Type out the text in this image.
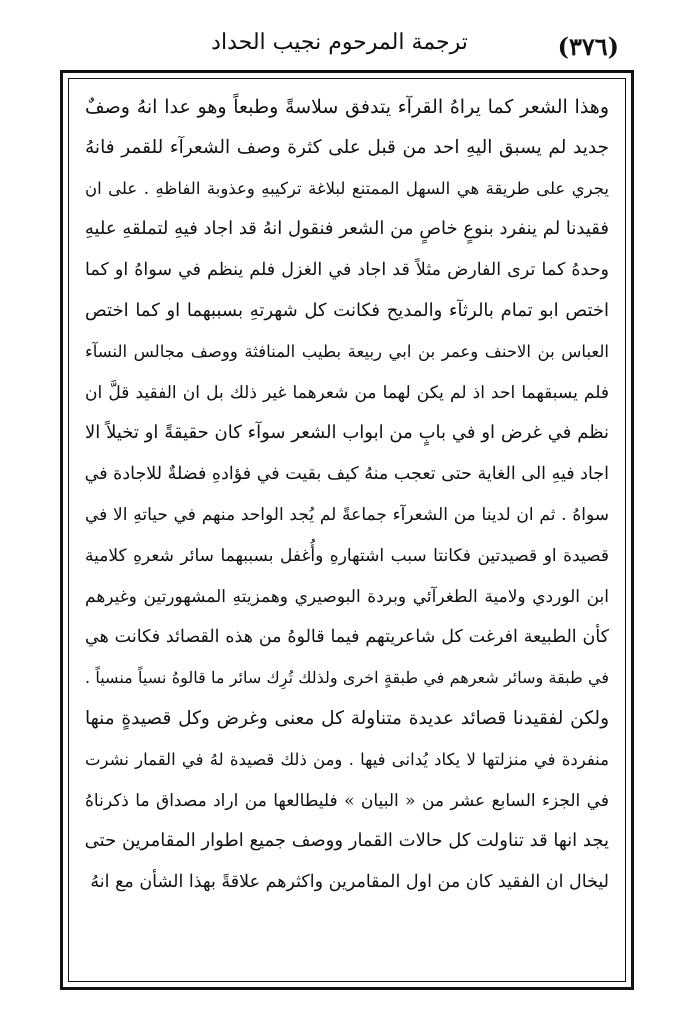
(٣٧٦)
ترجمة المرحوم نجيب الحداد
وهذا الشعر كما يراهُ القرآء يتدفق سلاسةً وطبعاً وهو عدا انهُ وصفٌ
جديد لم يسبق اليهِ احد من قبل على كثرة وصف الشعرآء للقمر فانهُ
يجري على طريقة هي السهل الممتنع لبلاغة تركيبهِ وعذوبة الفاظهِ . على ان
فقيدنا لم ينفرد بنوعٍ خاصٍ من الشعر فنقول انهُ قد اجاد فيهِ لتملقهِ عليهِ
وحدهُ كما ترى الفارض مثلاً قد اجاد في الغزل فلم ينظم في سواهُ او كما
اختص ابو تمام بالرثآء والمديح فكانت كل شهرتهِ بسببهما او كما اختص
العباس بن الاحنف وعمر بن ابي ربيعة بطيب المنافثة ووصف مجالس النسآء
فلم يسبقهما احد اذ لم يكن لهما من شعرهما غير ذلك بل ان الفقيد قلَّ ان
نظم في غرض او في بابٍ من ابواب الشعر سوآء كان حقيقةً او تخيلاً الا
اجاد فيهِ الى الغاية حتى تعجب منهُ كيف بقيت في فؤادهِ فضلةٌ للاجادة في
سواهُ . ثم ان لدينا من الشعرآء جماعةً لم يُجد الواحد منهم في حياتهِ الا في
قصيدة او قصيدتين فكانتا سبب اشتهارهِ وأُغفل بسببهما سائر شعرهِ كلامية
ابن الوردي ولامية الطغرآئي وبردة البوصيري وهمزيتهِ المشهورتين وغيرهم
كأن الطبيعة افرغت كل شاعريتهم فيما قالوهُ من هذه القصائد فكانت هي
في طبقة وسائر شعرهم في طبقةٍ اخرى ولذلك تُرِك سائر ما قالوهُ نسياً منسياً .
ولكن لفقيدنا قصائد عديدة متناولة كل معنى وغرض وكل قصيدةٍ منها
منفردة في منزلتها لا يكاد يُدانى فيها . ومن ذلك قصيدة لهُ في القمار نشرت
في الجزء السابع عشر من « البيان » فليطالعها من اراد مصداق ما ذكرناهُ
يجد انها قد تناولت كل حالات القمار ووصف جميع اطوار المقامرين حتى
ليخال ان الفقيد كان من اول المقامرين واكثرهم علاقةً بهذا الشأن مع انهُ
